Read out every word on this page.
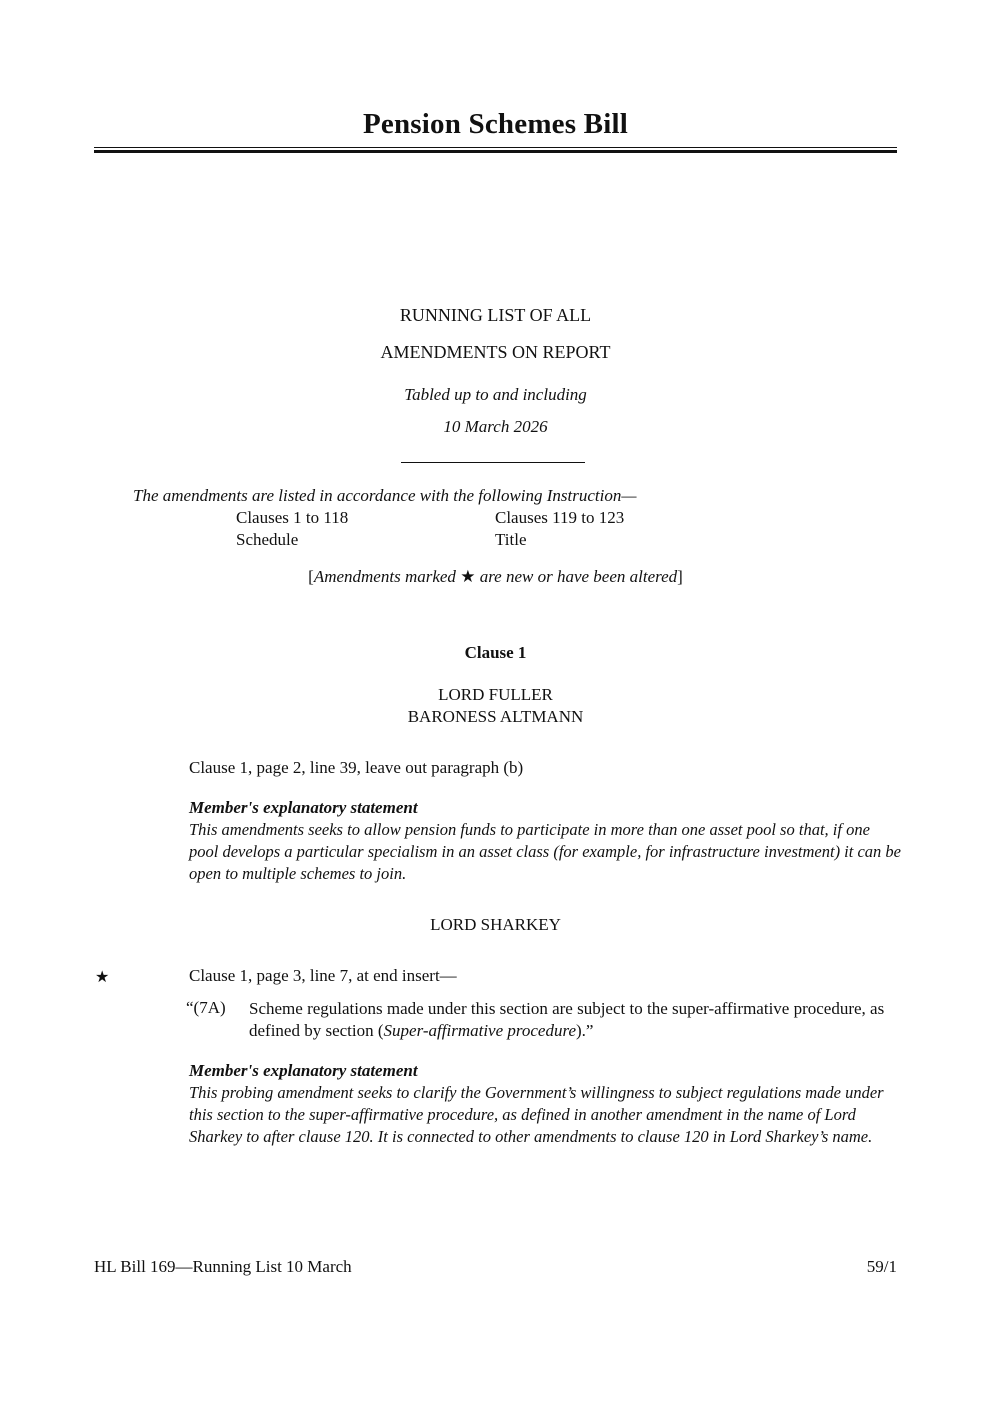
Pension Schemes Bill
RUNNING LIST OF ALL
AMENDMENTS ON REPORT
Tabled up to and including
10 March 2026
The amendments are listed in accordance with the following Instruction—
Clauses 1 to 118	Clauses 119 to 123
Schedule	Title
[Amendments marked ★ are new or have been altered]
Clause 1
LORD FULLER
BARONESS ALTMANN
Clause 1, page 2, line 39, leave out paragraph (b)
Member's explanatory statement
This amendments seeks to allow pension funds to participate in more than one asset pool so that, if one pool develops a particular specialism in an asset class (for example, for infrastructure investment) it can be open to multiple schemes to join.
LORD SHARKEY
★	Clause 1, page 3, line 7, at end insert—
“(7A) Scheme regulations made under this section are subject to the super-affirmative procedure, as defined by section (Super-affirmative procedure).”
Member's explanatory statement
This probing amendment seeks to clarify the Government’s willingness to subject regulations made under this section to the super-affirmative procedure, as defined in another amendment in the name of Lord Sharkey to after clause 120. It is connected to other amendments to clause 120 in Lord Sharkey’s name.
HL Bill 169—Running List 10 March	59/1
